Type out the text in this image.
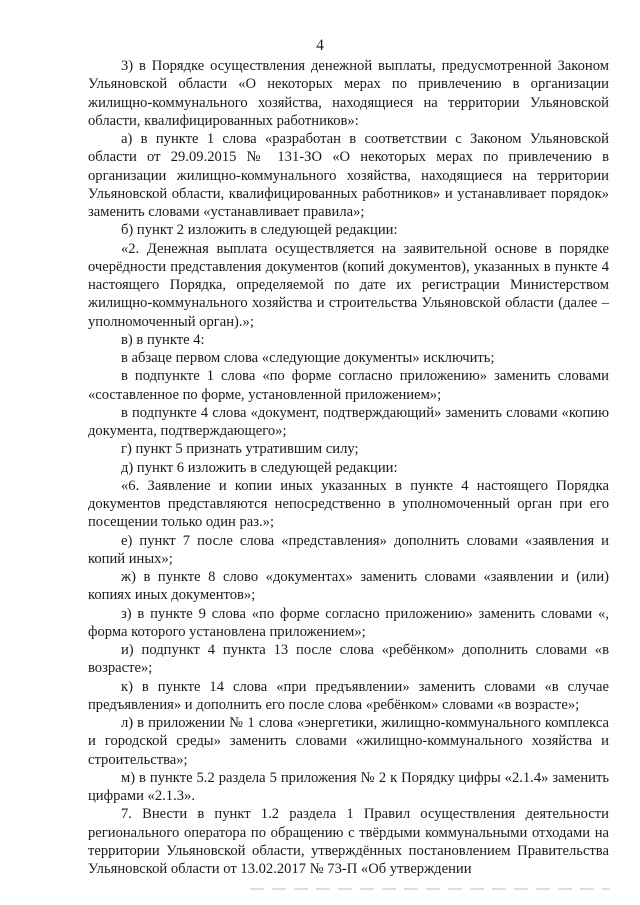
4

3) в Порядке осуществления денежной выплаты, предусмотренной Законом Ульяновской области «О некоторых мерах по привлечению в организации жилищно-коммунального хозяйства, находящиеся на территории Ульяновской области, квалифицированных работников»:

а) в пункте 1 слова «разработан в соответствии с Законом Ульяновской области от 29.09.2015 № 131-ЗО «О некоторых мерах по привлечению в организации жилищно-коммунального хозяйства, находящиеся на территории Ульяновской области, квалифицированных работников» и устанавливает порядок» заменить словами «устанавливает правила»;

б) пункт 2 изложить в следующей редакции:

«2. Денежная выплата осуществляется на заявительной основе в порядке очерёдности представления документов (копий документов), указанных в пункте 4 настоящего Порядка, определяемой по дате их регистрации Министерством жилищно-коммунального хозяйства и строительства Ульяновской области (далее – уполномоченный орган).»;

в) в пункте 4:

в абзаце первом слова «следующие документы» исключить;

в подпункте 1 слова «по форме согласно приложению» заменить словами «составленное по форме, установленной приложением»;

в подпункте 4 слова «документ, подтверждающий» заменить словами «копию документа, подтверждающего»;

г) пункт 5 признать утратившим силу;

д) пункт 6 изложить в следующей редакции:

«6. Заявление и копии иных указанных в пункте 4 настоящего Порядка документов представляются непосредственно в уполномоченный орган при его посещении только один раз.»;

е) пункт 7 после слова «представления» дополнить словами «заявления и копий иных»;

ж) в пункте 8 слово «документах» заменить словами «заявлении и (или) копиях иных документов»;

з) в пункте 9 слова «по форме согласно приложению» заменить словами «, форма которого установлена приложением»;

и) подпункт 4 пункта 13 после слова «ребёнком» дополнить словами «в возрасте»;

к) в пункте 14 слова «при предъявлении» заменить словами «в случае предъявления» и дополнить его после слова «ребёнком» словами «в возрасте»;

л) в приложении № 1 слова «энергетики, жилищно-коммунального комплекса и городской среды» заменить словами «жилищно-коммунального хозяйства и строительства»;

м) в пункте 5.2 раздела 5 приложения № 2 к Порядку цифры «2.1.4» заменить цифрами «2.1.3».

7. Внести в пункт 1.2 раздела 1 Правил осуществления деятельности регионального оператора по обращению с твёрдыми коммунальными отходами на территории Ульяновской области, утверждённых постановлением Правительства Ульяновской области от 13.02.2017 № 73-П «Об утверждении
